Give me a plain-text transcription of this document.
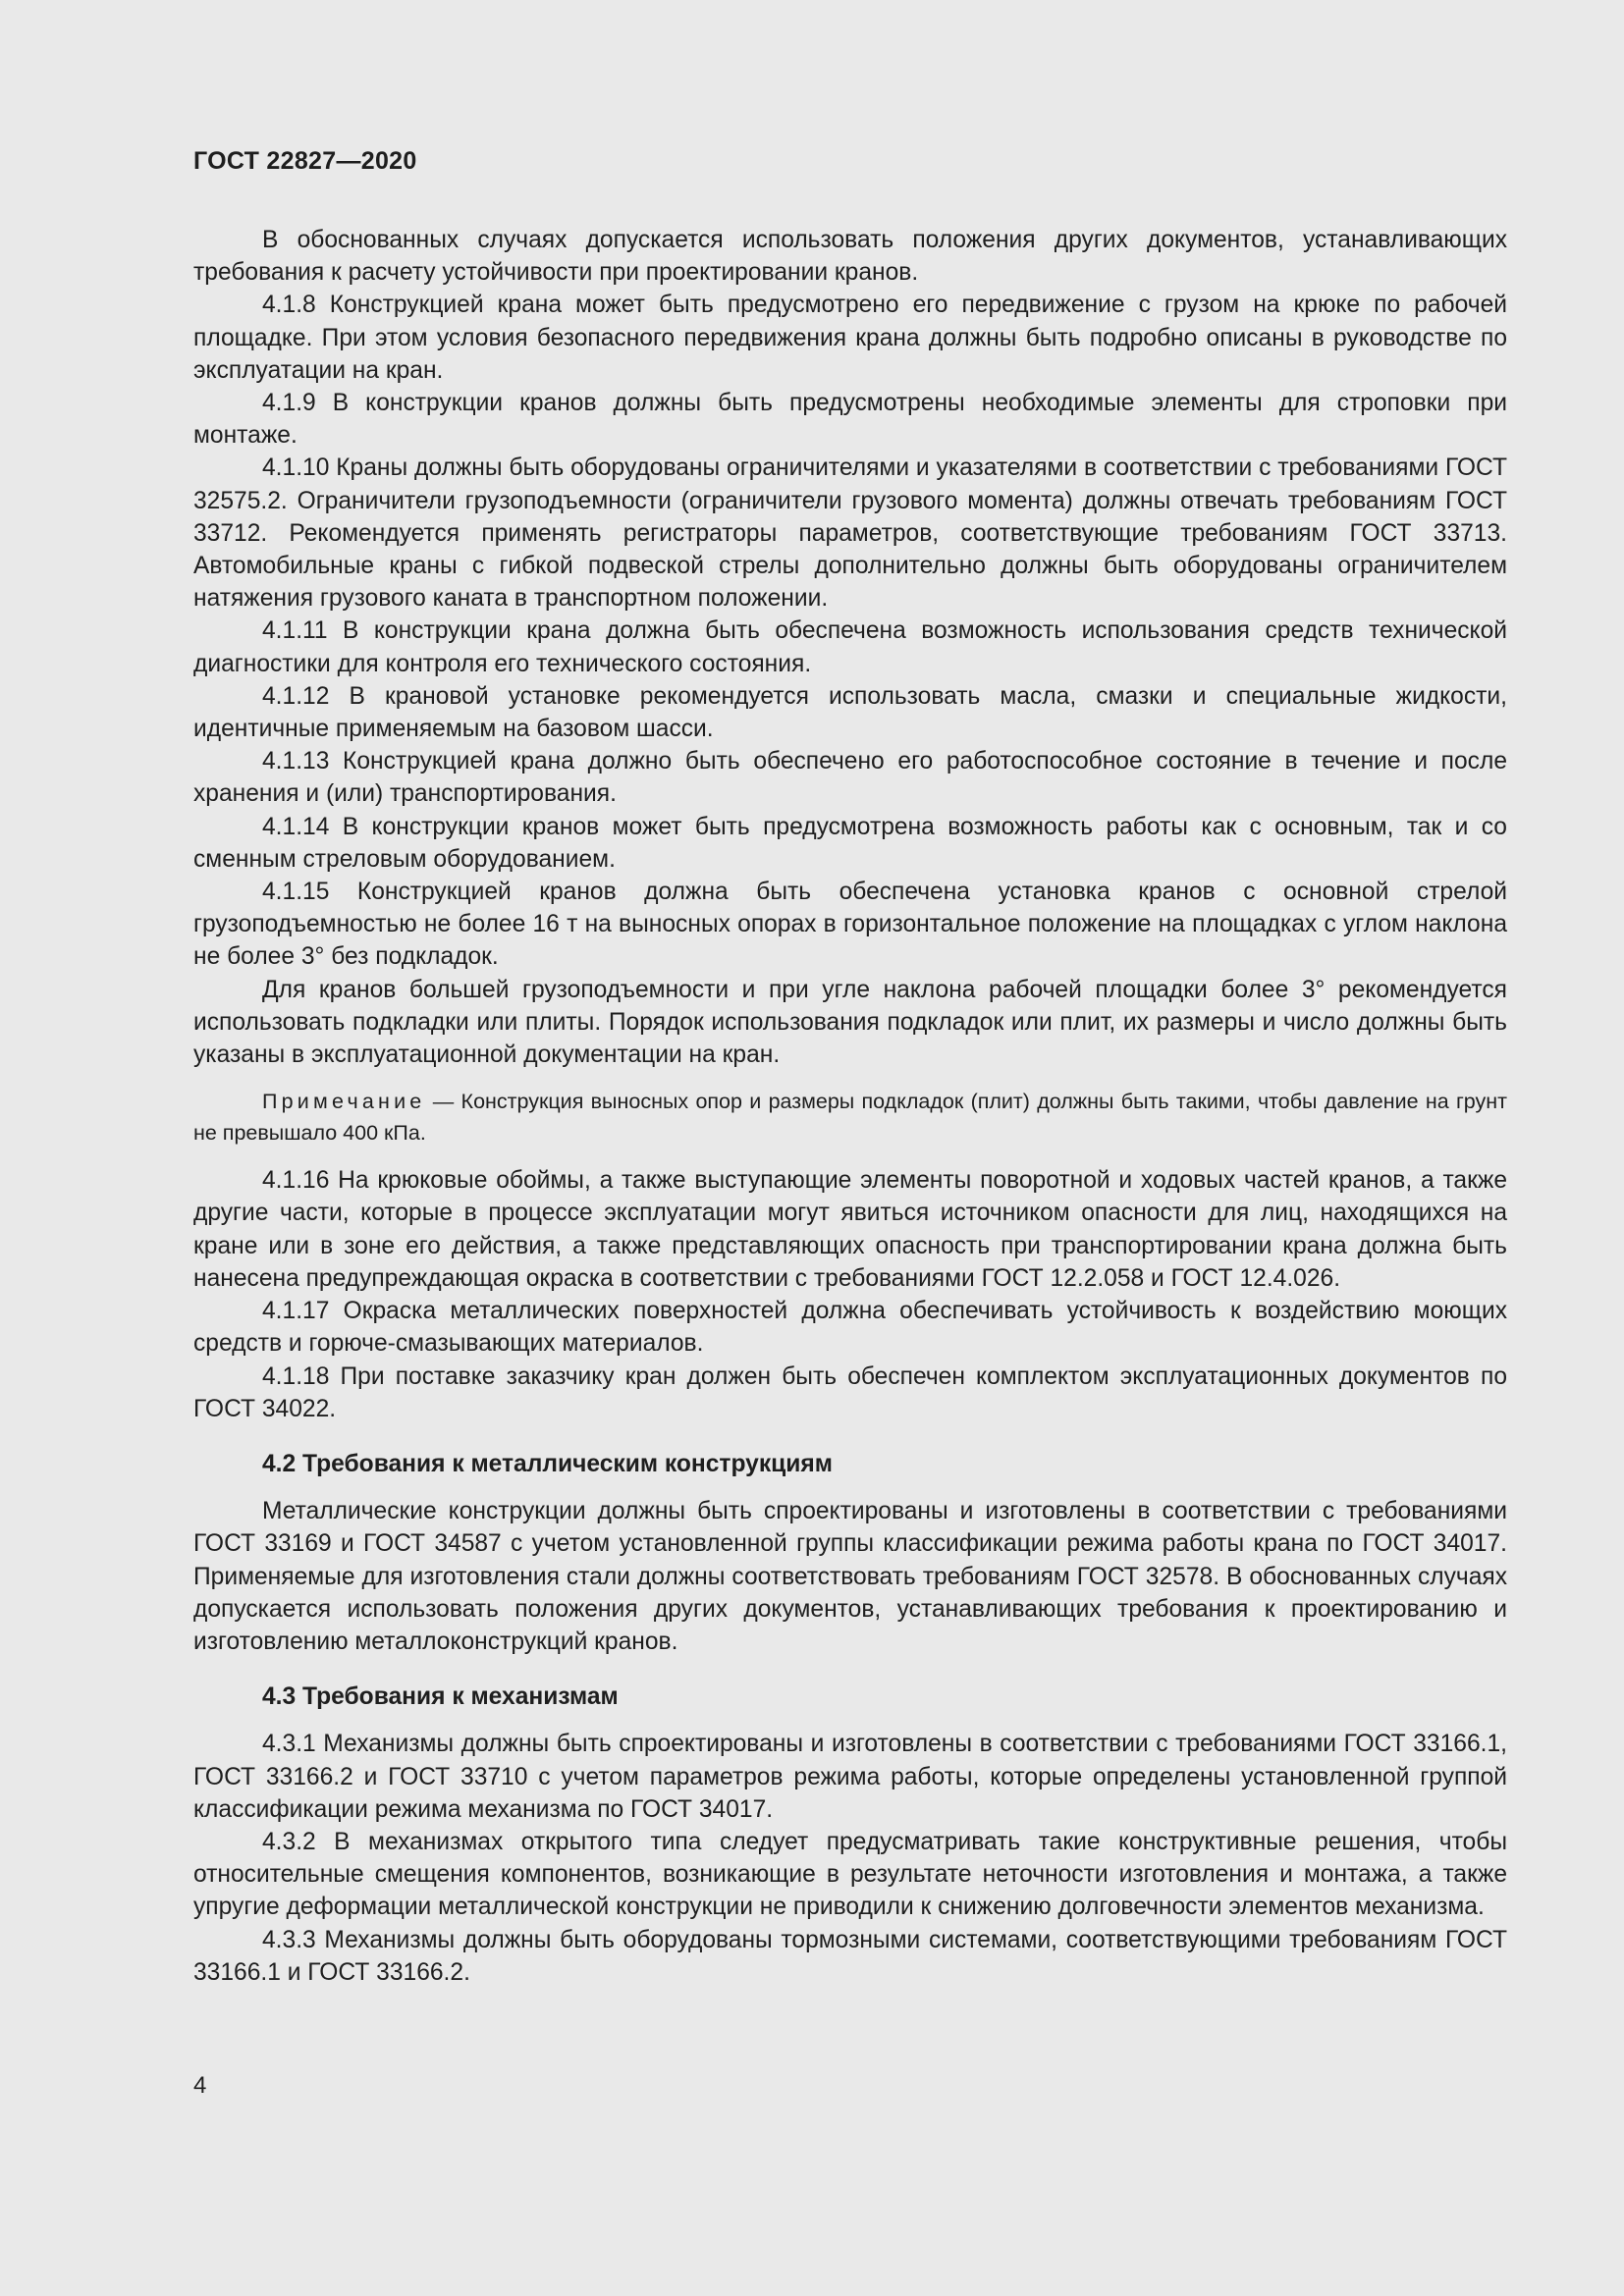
ГОСТ 22827—2020

В обоснованных случаях допускается использовать положения других документов, устанавливающих требования к расчету устойчивости при проектировании кранов.

4.1.8 Конструкцией крана может быть предусмотрено его передвижение с грузом на крюке по рабочей площадке. При этом условия безопасного передвижения крана должны быть подробно описаны в руководстве по эксплуатации на кран.

4.1.9 В конструкции кранов должны быть предусмотрены необходимые элементы для строповки при монтаже.

4.1.10 Краны должны быть оборудованы ограничителями и указателями в соответствии с требованиями ГОСТ 32575.2. Ограничители грузоподъемности (ограничители грузового момента) должны отвечать требованиям ГОСТ 33712. Рекомендуется применять регистраторы параметров, соответствующие требованиям ГОСТ 33713. Автомобильные краны с гибкой подвеской стрелы дополнительно должны быть оборудованы ограничителем натяжения грузового каната в транспортном положении.

4.1.11 В конструкции крана должна быть обеспечена возможность использования средств технической диагностики для контроля его технического состояния.

4.1.12 В крановой установке рекомендуется использовать масла, смазки и специальные жидкости, идентичные применяемым на базовом шасси.

4.1.13 Конструкцией крана должно быть обеспечено его работоспособное состояние в течение и после хранения и (или) транспортирования.

4.1.14 В конструкции кранов может быть предусмотрена возможность работы как с основным, так и со сменным стреловым оборудованием.

4.1.15 Конструкцией кранов должна быть обеспечена установка кранов с основной стрелой грузоподъемностью не более 16 т на выносных опорах в горизонтальное положение на площадках с углом наклона не более 3° без подкладок.

Для кранов большей грузоподъемности и при угле наклона рабочей площадки более 3° рекомендуется использовать подкладки или плиты. Порядок использования подкладок или плит, их размеры и число должны быть указаны в эксплуатационной документации на кран.

Примечание — Конструкция выносных опор и размеры подкладок (плит) должны быть такими, чтобы давление на грунт не превышало 400 кПа.

4.1.16 На крюковые обоймы, а также выступающие элементы поворотной и ходовых частей кранов, а также другие части, которые в процессе эксплуатации могут явиться источником опасности для лиц, находящихся на кране или в зоне его действия, а также представляющих опасность при транспортировании крана должна быть нанесена предупреждающая окраска в соответствии с требованиями ГОСТ 12.2.058 и ГОСТ 12.4.026.

4.1.17 Окраска металлических поверхностей должна обеспечивать устойчивость к воздействию моющих средств и горюче-смазывающих материалов.

4.1.18 При поставке заказчику кран должен быть обеспечен комплектом эксплуатационных документов по ГОСТ 34022.

4.2 Требования к металлическим конструкциям

Металлические конструкции должны быть спроектированы и изготовлены в соответствии с требованиями ГОСТ 33169 и ГОСТ 34587 с учетом установленной группы классификации режима работы крана по ГОСТ 34017. Применяемые для изготовления стали должны соответствовать требованиям ГОСТ 32578. В обоснованных случаях допускается использовать положения других документов, устанавливающих требования к проектированию и изготовлению металлоконструкций кранов.

4.3 Требования к механизмам

4.3.1 Механизмы должны быть спроектированы и изготовлены в соответствии с требованиями ГОСТ 33166.1, ГОСТ 33166.2 и ГОСТ 33710 с учетом параметров режима работы, которые определены установленной группой классификации режима механизма по ГОСТ 34017.

4.3.2 В механизмах открытого типа следует предусматривать такие конструктивные решения, чтобы относительные смещения компонентов, возникающие в результате неточности изготовления и монтажа, а также упругие деформации металлической конструкции не приводили к снижению долговечности элементов механизма.

4.3.3 Механизмы должны быть оборудованы тормозными системами, соответствующими требованиям ГОСТ 33166.1 и ГОСТ 33166.2.

4
